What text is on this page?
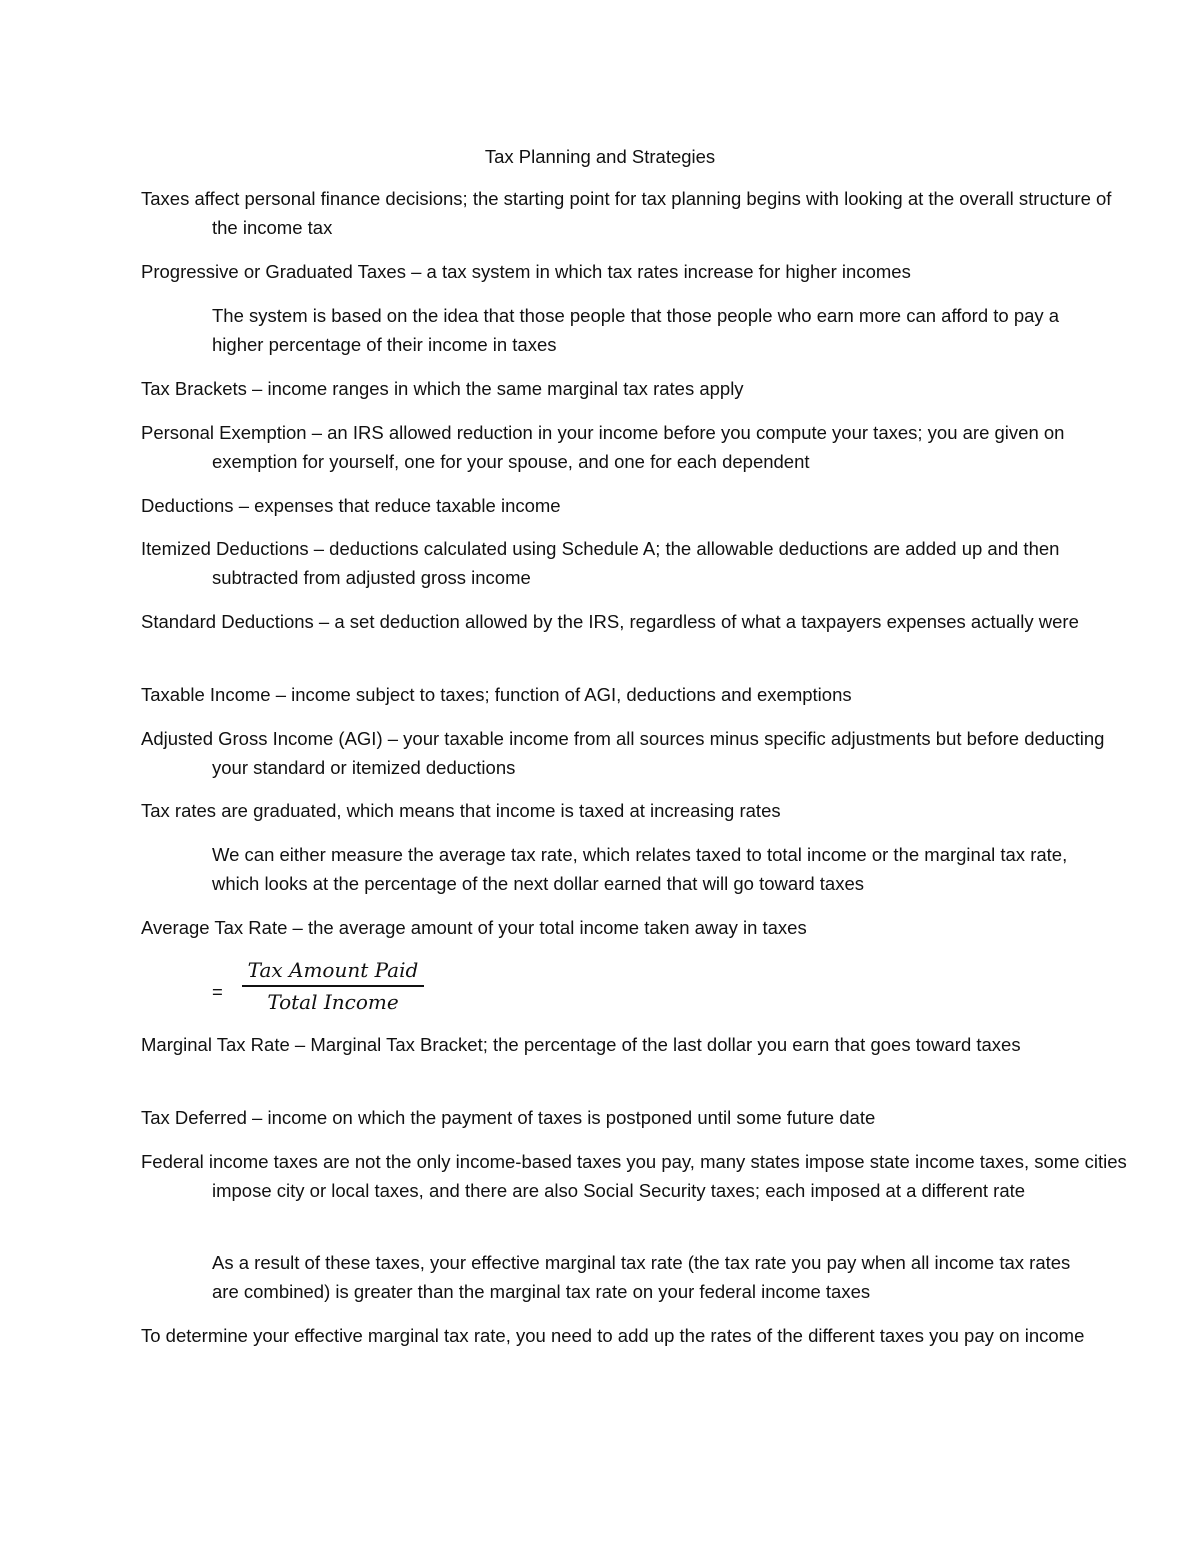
Tax Planning and Strategies
Taxes affect personal finance decisions; the starting point for tax planning begins with looking at the overall structure of the income tax
Progressive or Graduated Taxes – a tax system in which tax rates increase for higher incomes
The system is based on the idea that those people that those people who earn more can afford to pay a higher percentage of their income in taxes
Tax Brackets – income ranges in which the same marginal tax rates apply
Personal Exemption – an IRS allowed reduction in your income before you compute your taxes; you are given on exemption for yourself, one for your spouse, and one for each dependent
Deductions – expenses that reduce taxable income
Itemized Deductions – deductions calculated using Schedule A; the allowable deductions are added up and then subtracted from adjusted gross income
Standard Deductions – a set deduction allowed by the IRS, regardless of what a taxpayers expenses actually were
Taxable Income – income subject to taxes; function of AGI, deductions and exemptions
Adjusted Gross Income (AGI) – your taxable income from all sources minus specific adjustments but before deducting your standard or itemized deductions
Tax rates are graduated, which means that income is taxed at increasing rates
We can either measure the average tax rate, which relates taxed to total income or the marginal tax rate, which looks at the percentage of the next dollar earned that will go toward taxes
Average Tax Rate – the average amount of your total income taken away in taxes
=
Tax Amount Paid
Total Income
Marginal Tax Rate – Marginal Tax Bracket; the percentage of the last dollar you earn that goes toward taxes
Tax Deferred – income on which the payment of taxes is postponed until some future date
Federal income taxes are not the only income-based taxes you pay, many states impose state income taxes, some cities impose city or local taxes, and there are also Social Security taxes; each imposed at a different rate
As a result of these taxes, your effective marginal tax rate (the tax rate you pay when all income tax rates are combined) is greater than the marginal tax rate on your federal income taxes
To determine your effective marginal tax rate, you need to add up the rates of the different taxes you pay on income
